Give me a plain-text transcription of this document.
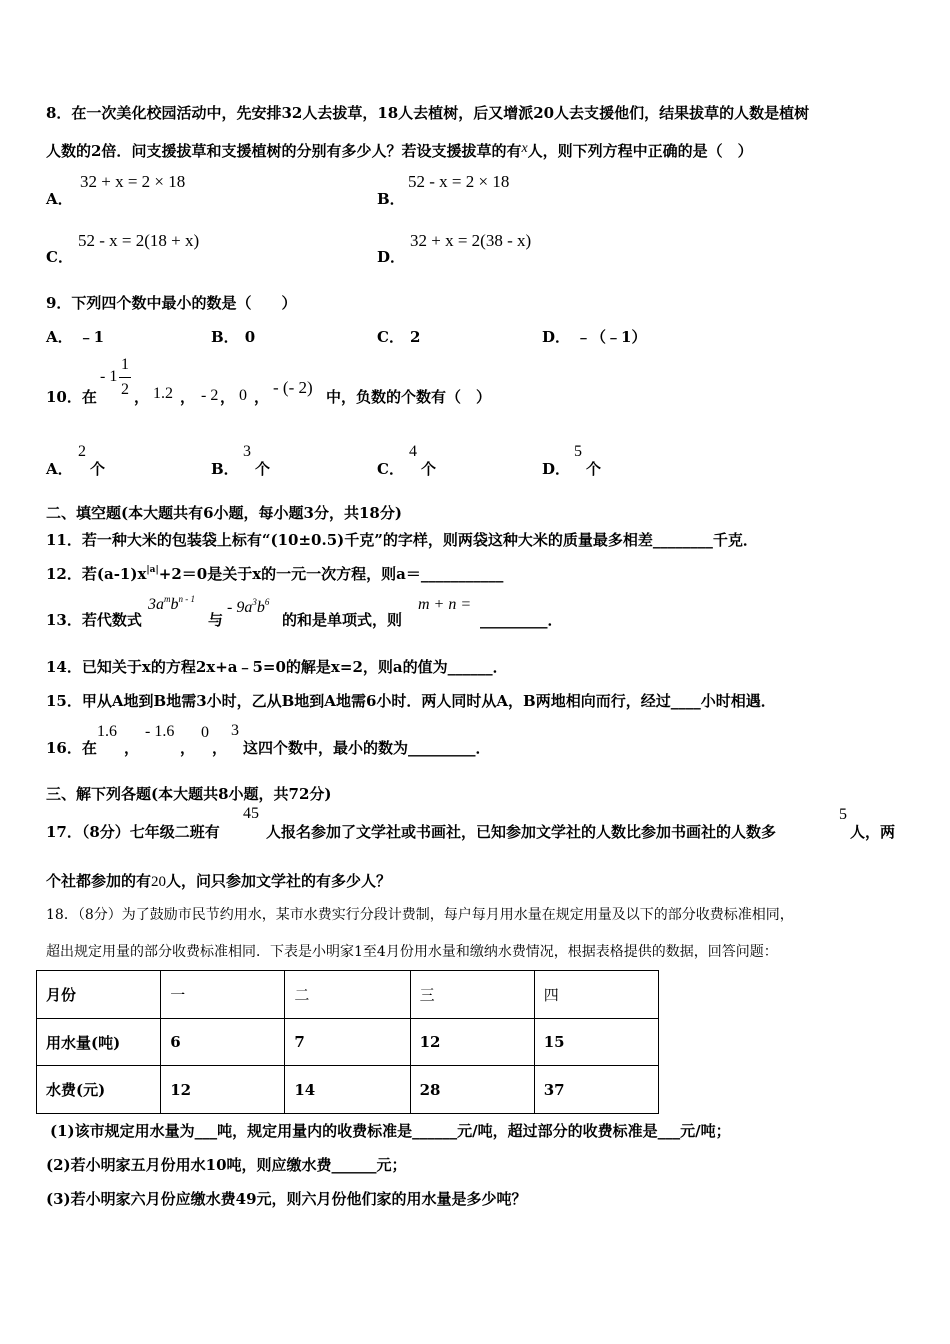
8．在一次美化校园活动中，先安排32人去拔草，18人去植树，后又增派20人去支援他们，结果拔草的人数是植树
人数的2倍．问支援拔草和支援植树的分别有多少人？若设支援拔草的有x人，则下列方程中正确的是（　）
A．
32 + x = 2 × 18
B．
52 - x = 2 × 18
C．
52 - x = 2(18 + x)
D．
32 + x = 2(38 - x)
9．下列四个数中最小的数是（　　）
A． ﹣1	B． 0	C． 2	D． ﹣（﹣1）
10．在
- 1
1
2 ， 1.2 ， - 2 ， 0 ， - (- 2) 中，负数的个数有（　）
A．
2
个	B．
3
个	C．
4
个	D．
5
个
二、填空题(本大题共有6小题，每小题3分，共18分)
11．若一种大米的包装袋上标有“(10±0.5)千克”的字样，则两袋这种大米的质量最多相差________千克．
12．若$(a-1)x^{|a|}+2=0$是关于x的一元一次方程，则a＝___________
13．若代数式
$3a^mb^{n - 1}$
与
- $9a^3b^6$
的和是单项式，则
m + n =
_________．
14．已知关于x的方程2x+a﹣5=0的解是x=2，则a的值为______．
15．甲从A地到B地需3小时，乙从B地到A地需6小时．两人同时从A，B两地相向而行，经过____小时相遇．
16．在
1.6
，
- 1.6
，
0
，
3
这四个数中，最小的数为_________．
三、解下列各题(本大题共8小题，共72分)
17．（8分）七年级二班有
45
人报名参加了文学社或书画社，已知参加文学社的人数比参加书画社的人数多
5
人，两
个社都参加的有20人，问只参加文学社的有多少人？
18．（8分）为了鼓励市民节约用水，某市水费实行分段计费制，每户每月用水量在规定用量及以下的部分收费标准相同，
超出规定用量的部分收费标准相同．下表是小明家1至4月份用水量和缴纳水费情况，根据表格提供的数据，回答问题：
月份	一	二	三	四
用水量(吨)	6	7	12	15
水费(元)	12	14	28	37
(1)该市规定用水量为___吨，规定用量内的收费标准是______元/吨，超过部分的收费标准是___元/吨；
(2)若小明家五月份用水10吨，则应缴水费______元；
(3)若小明家六月份应缴水费49元，则六月份他们家的用水量是多少吨？
